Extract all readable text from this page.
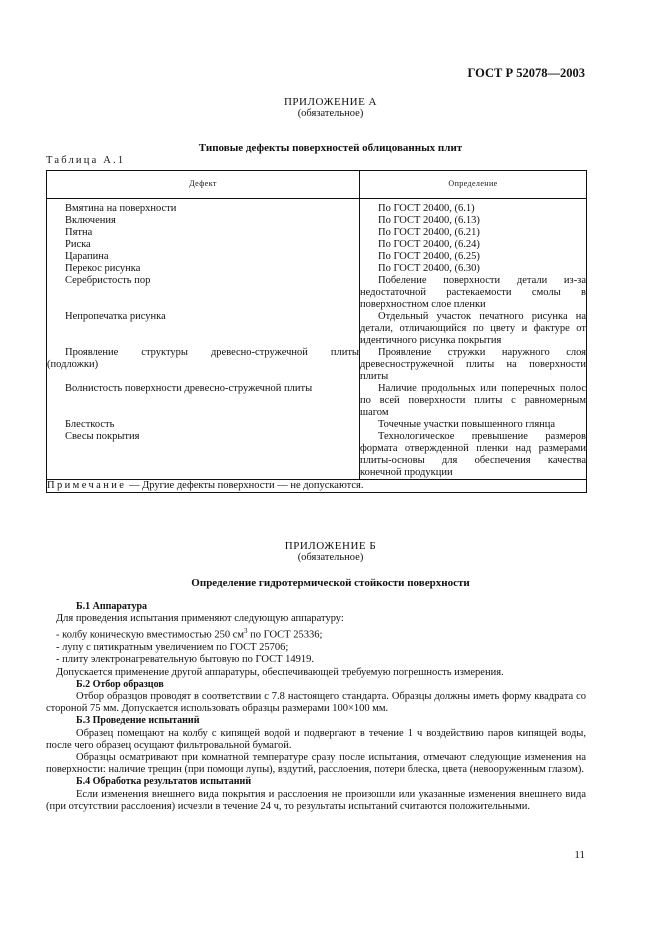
ГОСТ Р 52078—2003
ПРИЛОЖЕНИЕ А
(обязательное)
Типовые дефекты поверхностей облицованных плит
Таблица А.1
Дефект	Определение

Вмятина на поверхности	По ГОСТ 20400, (6.1)

Включения	По ГОСТ 20400, (6.13)

Пятна	По ГОСТ 20400, (6.21)

Риска	По ГОСТ 20400, (6.24)

Царапина	По ГОСТ 20400, (6.25)

Перекос рисунка	По ГОСТ 20400, (6.30)

Серебристость пор	Побеление поверхности детали из-за недостаточной растекаемости смолы в поверхностном слое пленки

Непропечатка рисунка	Отдельный участок печатного рисунка на детали, отличающийся по цвету и фактуре от идентичного рисунка покрытия

Проявление структуры древесно-стружечной плиты
(подложки)	Проявление стружки наружного слоя древесностружечной плиты на поверхности плиты

Волнистость поверхности древесно-стружечной плиты	Наличие продольных или поперечных полос по всей поверхности плиты с равномерным шагом

Блесткость	Точечные участки повышенного глянца

Свесы покрытия	Технологическое превышение размеров формата отвержденной пленки над размерами плиты-основы для обеспечения качества конечной продукции

Примечание — Другие дефекты поверхности — не допускаются.	
ПРИЛОЖЕНИЕ Б
(обязательное)
Определение гидротермической стойкости поверхности

Б.1 Аппаратура

Для проведения испытания применяют следующую аппаратуру:

- колбу коническую вместимостью 250 $см^3$ по ГОСТ 25336;

- лупу с пятикратным увеличением по ГОСТ 25706;

- плиту электронагревательную бытовую по ГОСТ 14919.

Допускается применение другой аппаратуры, обеспечивающей требуемую погрешность измерения.

Б.2 Отбор образцов

Отбор образцов проводят в соответствии с 7.8 настоящего стандарта. Образцы должны иметь форму квадрата со стороной 75 мм. Допускается использовать образцы размерами 100×100 мм.

Б.3 Проведение испытаний

Образец помещают на колбу с кипящей водой и подвергают в течение 1 ч воздействию паров кипящей воды, после чего образец осущают фильтровальной бумагой.

Образцы осматривают при комнатной температуре сразу после испытания, отмечают следующие изменения на поверхности: наличие трещин (при помощи лупы), вздутий, расслоения, потери блеска, цвета (невооруженным глазом).

Б.4 Обработка результатов испытаний

Если изменения внешнего вида покрытия и расслоения не произошли или указанные изменения внешнего вида (при отсутствии расслоения) исчезли в течение 24 ч, то результаты испытаний считаются положительными.

11
